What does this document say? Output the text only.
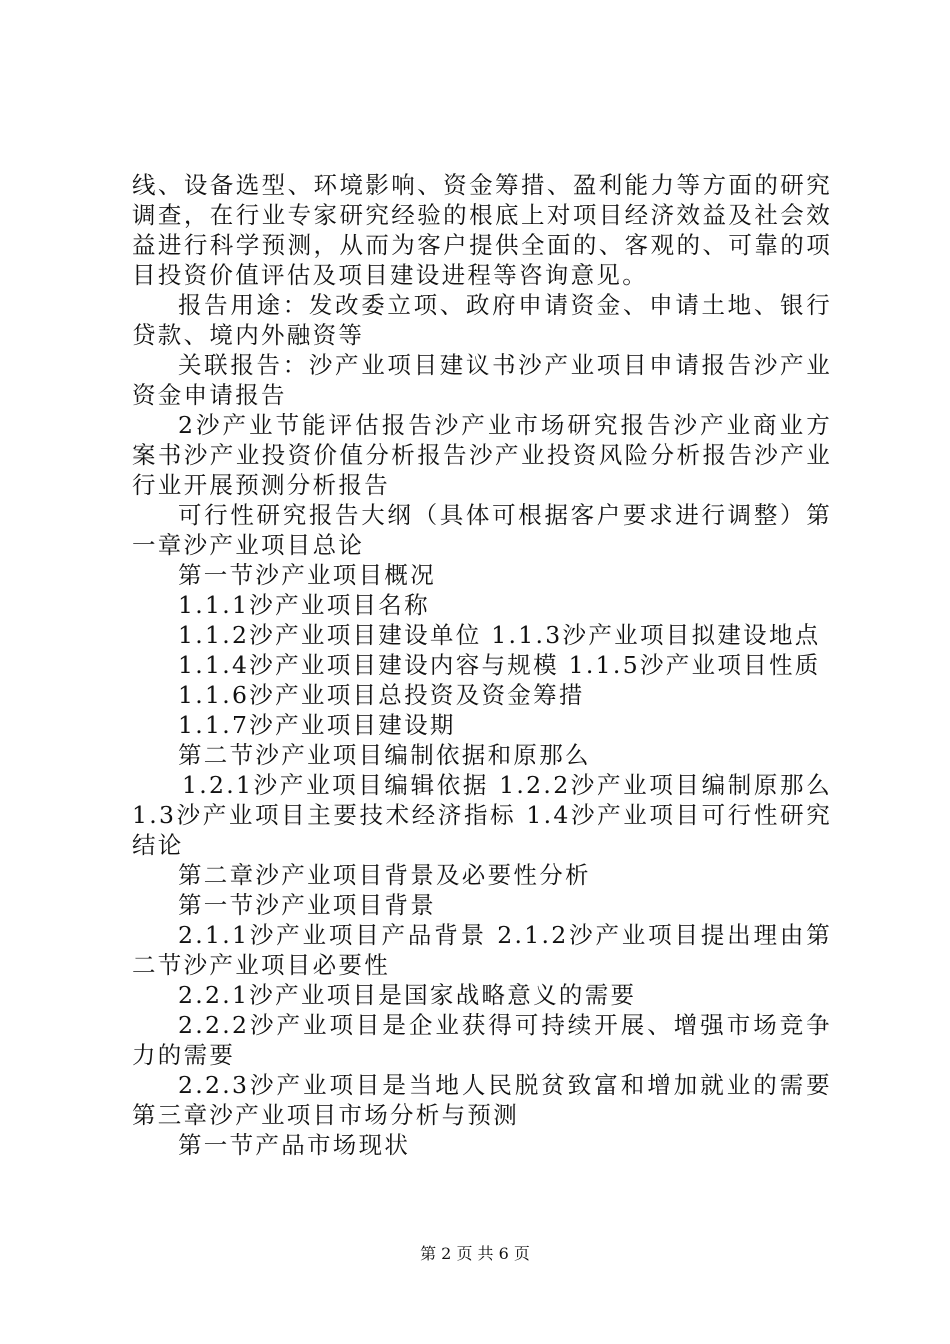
线、设备选型、环境影响、资金筹措、盈利能力等方面的研究调查，在行业专家研究经验的根底上对项目经济效益及社会效益进行科学预测，从而为客户提供全面的、客观的、可靠的项目投资价值评估及项目建设进程等咨询意见。

报告用途：发改委立项、政府申请资金、申请土地、银行贷款、境内外融资等

关联报告：沙产业项目建议书沙产业项目申请报告沙产业资金申请报告

2沙产业节能评估报告沙产业市场研究报告沙产业商业方案书沙产业投资价值分析报告沙产业投资风险分析报告沙产业行业开展预测分析报告

可行性研究报告大纲（具体可根据客户要求进行调整）第一章沙产业项目总论

第一节沙产业项目概况

1.1.1沙产业项目名称

1.1.2沙产业项目建设单位 1.1.3沙产业项目拟建设地点

1.1.4沙产业项目建设内容与规模 1.1.5沙产业项目性质

1.1.6沙产业项目总投资及资金筹措

1.1.7沙产业项目建设期

第二节沙产业项目编制依据和原那么

1.2.1沙产业项目编辑依据 1.2.2沙产业项目编制原那么 1.3沙产业项目主要技术经济指标 1.4沙产业项目可行性研究结论

第二章沙产业项目背景及必要性分析

第一节沙产业项目背景

2.1.1沙产业项目产品背景 2.1.2沙产业项目提出理由第二节沙产业项目必要性

2.2.1沙产业项目是国家战略意义的需要

2.2.2沙产业项目是企业获得可持续开展、增强市场竞争力的需要

2.2.3沙产业项目是当地人民脱贫致富和增加就业的需要第三章沙产业项目市场分析与预测

第一节产品市场现状

第 2 页 共 6 页
